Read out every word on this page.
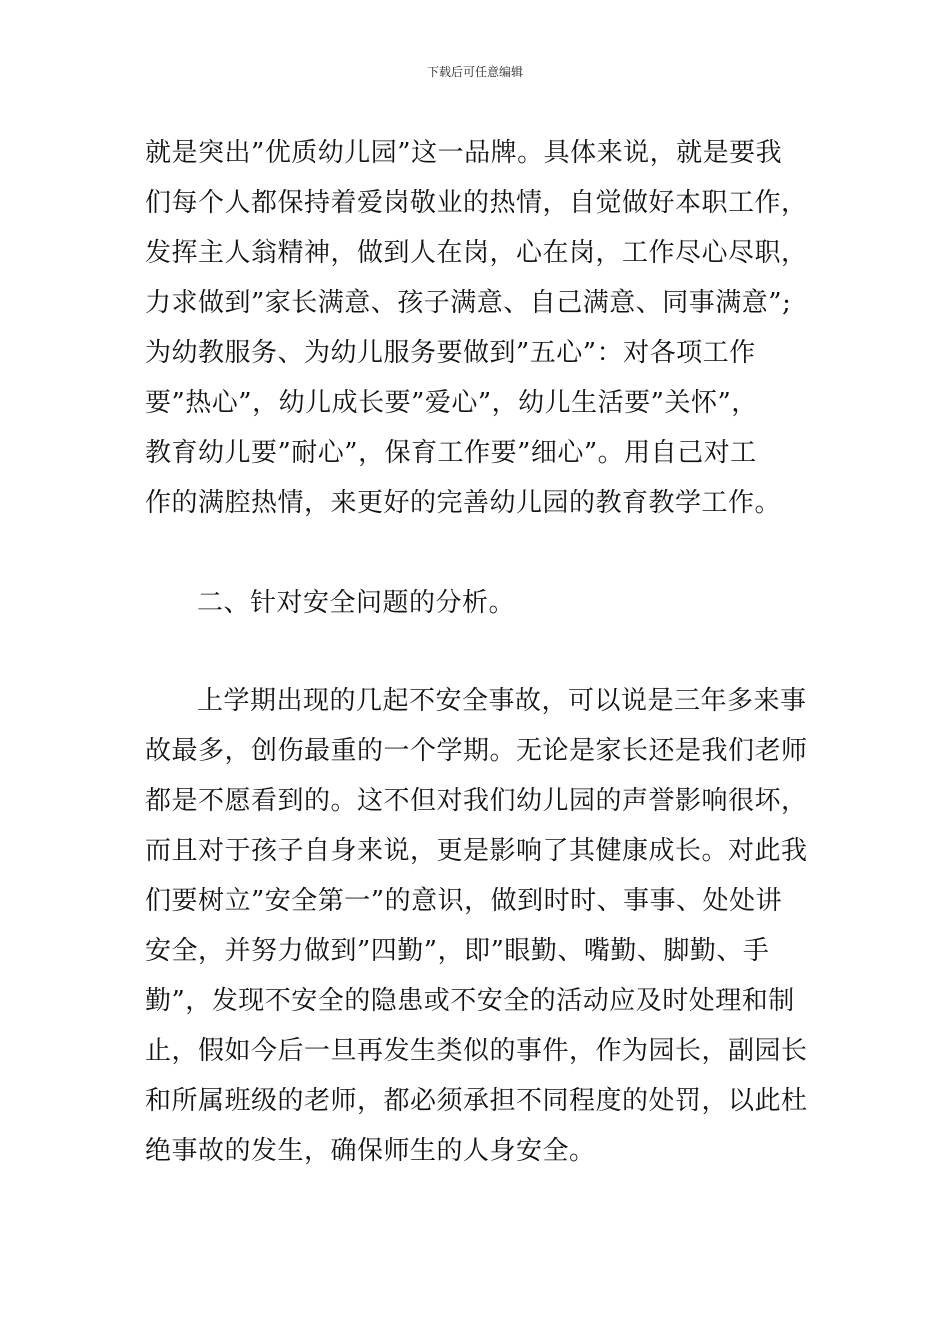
下载后可任意编辑
就是突出”优质幼儿园”这一品牌。具体来说，就是要我
们每个人都保持着爱岗敬业的热情，自觉做好本职工作，
发挥主人翁精神，做到人在岗，心在岗，工作尽心尽职，
力求做到”家长满意、孩子满意、自己满意、同事满意”;
为幼教服务、为幼儿服务要做到”五心”：对各项工作
要”热心”，幼儿成长要”爱心”，幼儿生活要”关怀”，
教育幼儿要”耐心”，保育工作要”细心”。用自己对工
作的满腔热情，来更好的完善幼儿园的教育教学工作。
二、针对安全问题的分析。
上学期出现的几起不安全事故，可以说是三年多来事
故最多，创伤最重的一个学期。无论是家长还是我们老师
都是不愿看到的。这不但对我们幼儿园的声誉影响很坏，
而且对于孩子自身来说，更是影响了其健康成长。对此我
们要树立”安全第一”的意识，做到时时、事事、处处讲
安全，并努力做到”四勤”，即”眼勤、嘴勤、脚勤、手
勤”，发现不安全的隐患或不安全的活动应及时处理和制
止，假如今后一旦再发生类似的事件，作为园长，副园长
和所属班级的老师，都必须承担不同程度的处罚，以此杜
绝事故的发生，确保师生的人身安全。
